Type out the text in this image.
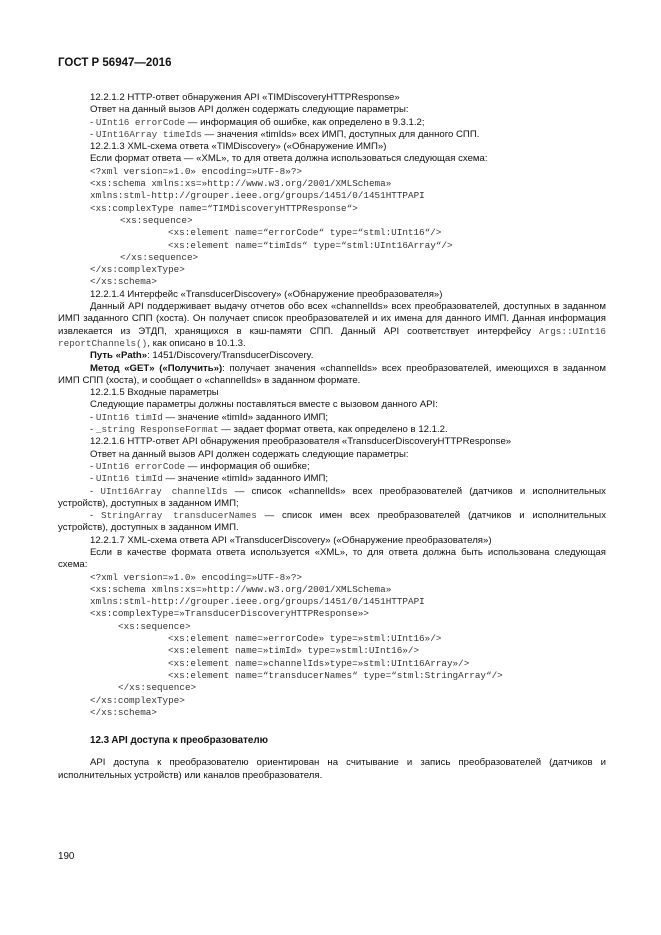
ГОСТ Р 56947—2016
12.2.1.2 HTTP-ответ обнаружения API «TIMDiscoveryHTTPResponse»
Ответ на данный вызов API должен содержать следующие параметры:
- UInt16 errorCode — информация об ошибке, как определено в 9.3.1.2;
- UInt16Array timeIds — значения «timIds» всех ИМП, доступных для данного СПП.
12.2.1.3 XML-схема ответа «TIMDiscovery» («Обнаружение ИМП»)
Если формат ответа — «XML», то для ответа должна использоваться следующая схема:
<?xml version=»1.0» encoding=»UTF-8»?>
<xs:schema xmlns:xs=»http://www.w3.org/2001/XMLSchema»
xmlns:stml-http://grouper.ieee.org/groups/1451/0/1451HTTPAPI
<xs:complexType name=“TIMDiscoveryHTTPResponse“>
<xs:sequence>
<xs:element name=“errorCode“ type=“stml:UInt16“/>
<xs:element name=“timIds“ type=“stml:UInt16Array“/>
</xs:sequence>
</xs:complexType>
</xs:schema>
12.2.1.4 Интерфейс «TransducerDiscovery» («Обнаружение преобразователя»)
Данный API поддерживает выдачу отчетов обо всех «channelIds» всех преобразователей, доступных в заданном ИМП заданного СПП (хоста). Он получает список преобразователей и их имена для данного ИМП. Данная информация извлекается из ЭТДП, хранящихся в кэш-памяти СПП. Данный API соответствует интерфейсу Args::UInt16 reportChannels(), как описано в 10.1.3.
Путь «Path»: 1451/Discovery/TransducerDiscovery.
Метод «GET» («Получить»): получает значения «channelIds» всех преобразователей, имеющихся в заданном ИМП СПП (хоста), и сообщает о «channelIds» в заданном формате.
12.2.1.5 Входные параметры
Следующие параметры должны поставляться вместе с вызовом данного API:
- UInt16 timId — значение «timId» заданного ИМП;
- _string ResponseFormat — задает формат ответа, как определено в 12.1.2.
12.2.1.6 HTTP-ответ API обнаружения преобразователя «TransducerDiscoveryHTTPResponse»
Ответ на данный вызов API должен содержать следующие параметры:
- UInt16 errorCode — информация об ошибке;
- UInt16 timId — значение «timId» заданного ИМП;
- UInt16Array channelIds — список «channelIds» всех преобразователей (датчиков и исполнительных устройств), доступных в заданном ИМП;
- StringArray transducerNames — список имен всех преобразователей (датчиков и исполнительных устройств), доступных в заданном ИМП.
12.2.1.7 XML-схема ответа API «TransducerDiscovery» («Обнаружение преобразователя»)
Если в качестве формата ответа используется «XML», то для ответа должна быть использована следующая схема:
<?xml version=»1.0» encoding=»UTF-8»?>
<xs:schema xmlns:xs=»http://www.w3.org/2001/XMLSchema»
xmlns:stml-http://grouper.ieee.org/groups/1451/0/1451HTTPAPI
<xs:complexType=»TransducerDiscoveryHTTPResponse»>
<xs:sequence>
<xs:element name=»errorCode» type=»stml:UInt16»/>
<xs:element name=»timId» type=»stml:UInt16»/>
<xs:element name=»channelIds»type=»stml:UInt16Array»/>
<xs:element name=“transducerNames“ type=“stml:StringArray“/>
</xs:sequence>
</xs:complexType>
</xs:schema>
12.3 API доступа к преобразователю
API доступа к преобразователю ориентирован на считывание и запись преобразователей (датчиков и исполнительных устройств) или каналов преобразователя.
190
